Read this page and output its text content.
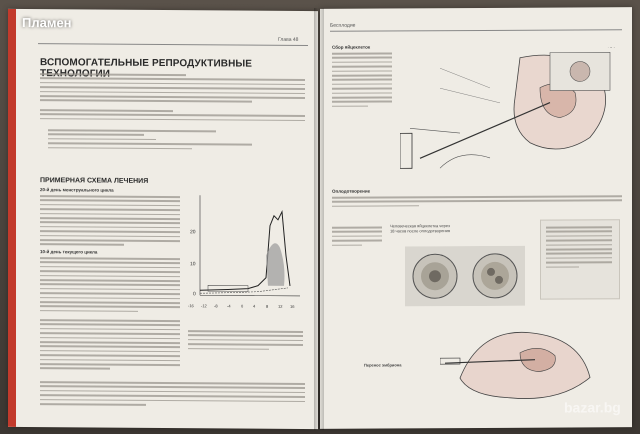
Пламен
Глава 48
ВСПОМОГАТЕЛЬНЫЕ РЕПРОДУКТИВНЫЕ
ПРИМЕРНАЯ СХЕМА ЛЕЧЕНИЯ
20-й день менструального цикла
10-й день текущего цикла
20
10
0
-16 -12 -8 -4	0 4	8 12 16
Бесплодие
Сбор яйцеклеток
Оплодотворение
Человеческая яйцеклетка через 18 часов после оплодотворения
Перенос эмбриона
bazar.bg
